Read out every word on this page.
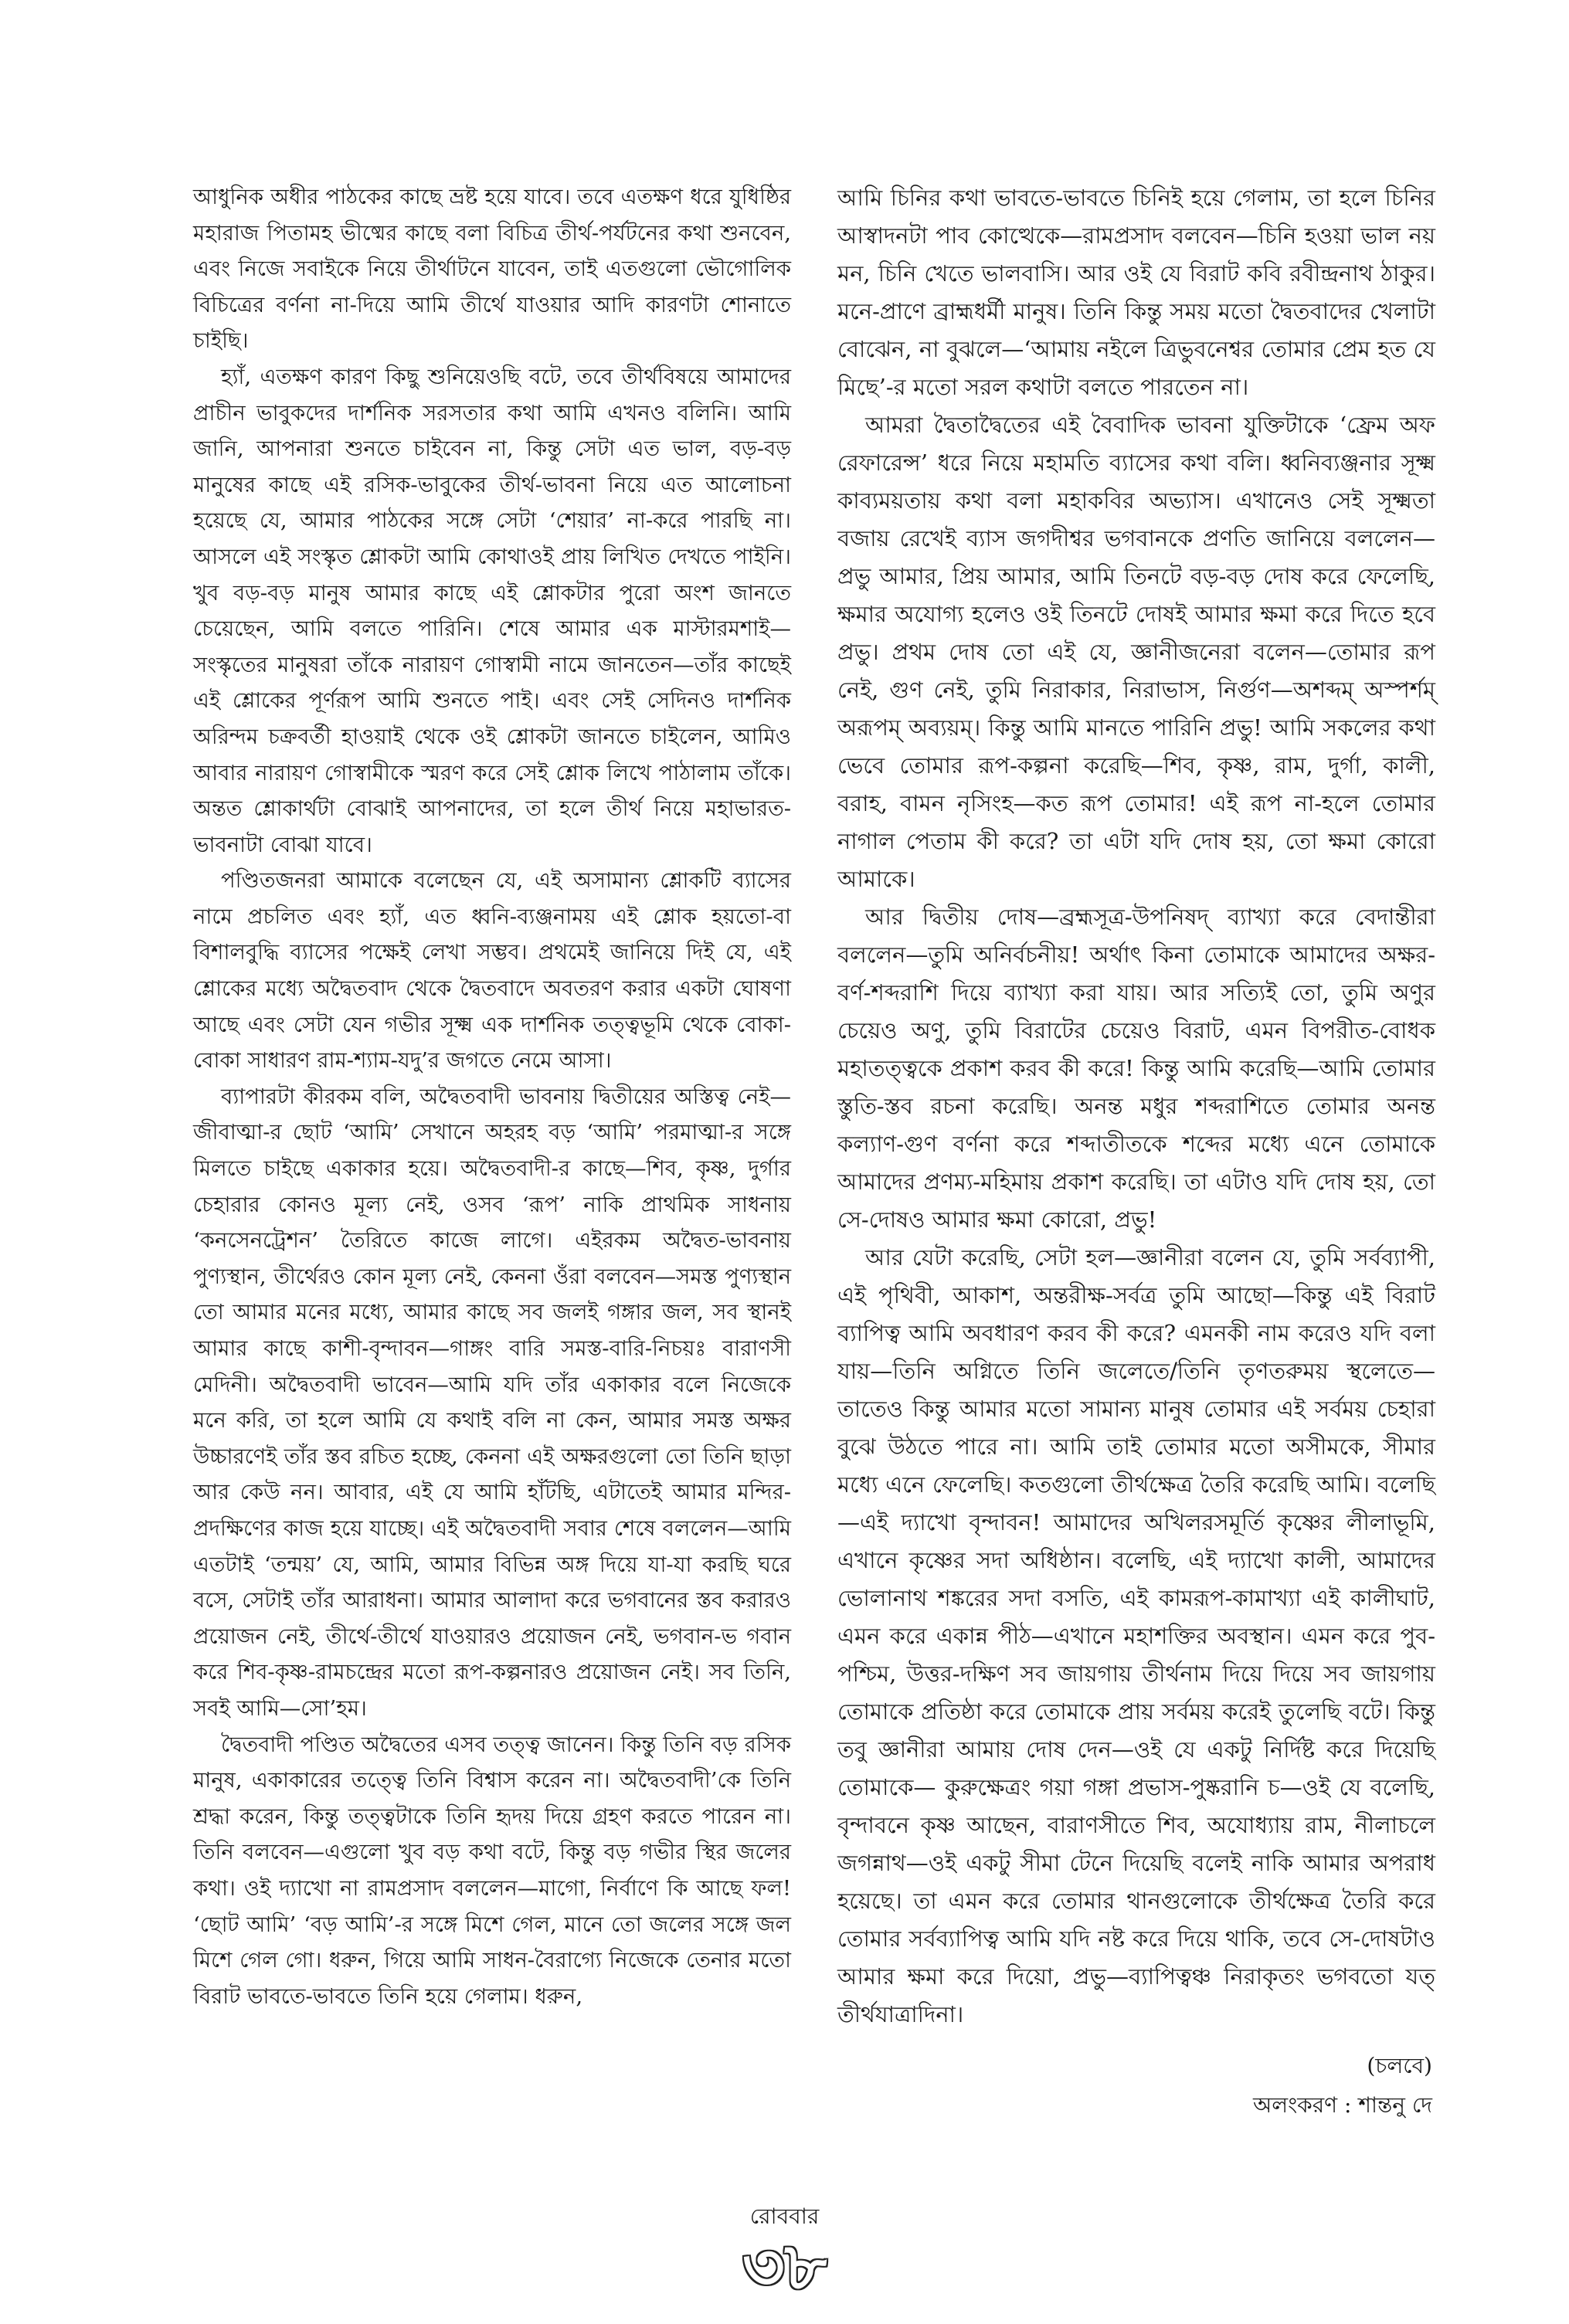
আধুনিক অধীর পাঠকের কাছে ভ্রষ্ট হয়ে যাবে। তবে এতক্ষণ ধরে যুধিষ্ঠির মহারাজ পিতামহ ভীষ্মের কাছে বলা বিচিত্র তীর্থ-পর্যটনের কথা শুনবেন, এবং নিজে সবাইকে নিয়ে তীর্থাটনে যাবেন, তাই এতগুলো ভৌগোলিক বিচিত্রের বর্ণনা না-দিয়ে আমি তীর্থে যাওয়ার আদি কারণটা শোনাতে চাইছি।

হ্যাঁ, এতক্ষণ কারণ কিছু শুনিয়েওছি বটে, তবে তীর্থবিষয়ে আমাদের প্রাচীন ভাবুকদের দার্শনিক সরসতার কথা আমি এখনও বলিনি। আমি জানি, আপনারা শুনতে চাইবেন না, কিন্তু সেটা এত ভাল, বড়-বড় মানুষের কাছে এই রসিক-ভাবুকের তীর্থ-ভাবনা নিয়ে এত আলোচনা হয়েছে যে, আমার পাঠকের সঙ্গে সেটা ‘শেয়ার’ না-করে পারছি না। আসলে এই সংস্কৃত শ্লোকটা আমি কোথাওই প্রায় লিখিত দেখতে পাইনি। খুব বড়-বড় মানুষ আমার কাছে এই শ্লোকটার পুরো অংশ জানতে চেয়েছেন, আমি বলতে পারিনি। শেষে আমার এক মাস্টারমশাই—সংস্কৃতের মানুষরা তাঁকে নারায়ণ গোস্বামী নামে জানতেন—তাঁর কাছেই এই শ্লোকের পূর্ণরূপ আমি শুনতে পাই। এবং সেই সেদিনও দার্শনিক অরিন্দম চক্রবর্তী হাওয়াই থেকে ওই শ্লোকটা জানতে চাইলেন, আমিও আবার নারায়ণ গোস্বামীকে স্মরণ করে সেই শ্লোক লিখে পাঠালাম তাঁকে। অন্তত শ্লোকার্থটা বোঝাই আপনাদের, তা হলে তীর্থ নিয়ে মহাভারত-ভাবনাটা বোঝা যাবে।

পণ্ডিতজনরা আমাকে বলেছেন যে, এই অসামান্য শ্লোকটি ব্যাসের নামে প্রচলিত এবং হ্যাঁ, এত ধ্বনি-ব্যঞ্জনাময় এই শ্লোক হয়তো-বা বিশালবুদ্ধি ব্যাসের পক্ষেই লেখা সম্ভব। প্রথমেই জানিয়ে দিই যে, এই শ্লোকের মধ্যে অদ্বৈতবাদ থেকে দ্বৈতবাদে অবতরণ করার একটা ঘোষণা আছে এবং সেটা যেন গভীর সূক্ষ্ম এক দার্শনিক তত্ত্বভূমি থেকে বোকা-বোকা সাধারণ রাম-শ্যাম-যদু’র জগতে নেমে আসা।

ব্যাপারটা কীরকম বলি, অদ্বৈতবাদী ভাবনায় দ্বিতীয়ের অস্তিত্ব নেই—জীবাত্মা-র ছোট ‘আমি’ সেখানে অহরহ বড় ‘আমি’ পরমাত্মা-র সঙ্গে মিলতে চাইছে একাকার হয়ে। অদ্বৈতবাদী-র কাছে—শিব, কৃষ্ণ, দুর্গার চেহারার কোনও মূল্য নেই, ওসব ‘রূপ’ নাকি প্রাথমিক সাধনায় ‘কনসেনট্রেশন’ তৈরিতে কাজে লাগে। এইরকম অদ্বৈত-ভাবনায় পুণ্যস্থান, তীর্থেরও কোন মূল্য নেই, কেননা ওঁরা বলবেন—সমস্ত পুণ্যস্থান তো আমার মনের মধ্যে, আমার কাছে সব জলই গঙ্গার জল, সব স্থানই আমার কাছে কাশী-বৃন্দাবন—গাঙ্গং বারি সমস্ত-বারি-নিচয়ঃ বারাণসী মেদিনী। অদ্বৈতবাদী ভাবেন—আমি যদি তাঁর একাকার বলে নিজেকে মনে করি, তা হলে আমি যে কথাই বলি না কেন, আমার সমস্ত অক্ষর উচ্চারণেই তাঁর স্তব রচিত হচ্ছে, কেননা এই অক্ষরগুলো তো তিনি ছাড়া আর কেউ নন। আবার, এই যে আমি হাঁটছি, এটাতেই আমার মন্দির-প্রদক্ষিণের কাজ হয়ে যাচ্ছে। এই অদ্বৈতবাদী সবার শেষে বললেন—আমি এতটাই ‘তন্ময়’ যে, আমি, আমার বিভিন্ন অঙ্গ দিয়ে যা-যা করছি ঘরে বসে, সেটাই তাঁর আরাধনা। আমার আলাদা করে ভগবানের স্তব করারও প্রয়োজন নেই, তীর্থে-তীর্থে যাওয়ারও প্রয়োজন নেই, ভগবান-ভ গবান করে শিব-কৃষ্ণ-রামচন্দ্রের মতো রূপ-কল্পনারও প্রয়োজন নেই। সব তিনি, সবই আমি—সো’হম।

দ্বৈতবাদী পণ্ডিত অদ্বৈতের এসব তত্ত্ব জানেন। কিন্তু তিনি বড় রসিক মানুষ, একাকারের তত্ত্বে তিনি বিশ্বাস করেন না। অদ্বৈতবাদী’কে তিনি শ্রদ্ধা করেন, কিন্তু তত্ত্বটাকে তিনি হৃদয় দিয়ে গ্রহণ করতে পারেন না। তিনি বলবেন—এগুলো খুব বড় কথা বটে, কিন্তু বড় গভীর স্থির জলের কথা। ওই দ্যাখো না রামপ্রসাদ বললেন—মাগো, নির্বাণে কি আছে ফল! ‘ছোট আমি’ ‘বড় আমি’-র সঙ্গে মিশে গেল, মানে তো জলের সঙ্গে জল মিশে গেল গো। ধরুন, গিয়ে আমি সাধন-বৈরাগ্যে নিজেকে তেনার মতো বিরাট ভাবতে-ভাবতে তিনি হয়ে গেলাম। ধরুন,

আমি চিনির কথা ভাবতে-ভাবতে চিনিই হয়ে গেলাম, তা হলে চিনির আস্বাদনটা পাব কোত্থেকে—রামপ্রসাদ বলবেন—চিনি হওয়া ভাল নয় মন, চিনি খেতে ভালবাসি। আর ওই যে বিরাট কবি রবীন্দ্রনাথ ঠাকুর। মনে-প্রাণে ব্রাহ্মধর্মী মানুষ। তিনি কিন্তু সময় মতো দ্বৈতবাদের খেলাটা বোঝেন, না বুঝলে—‘আমায় নইলে ত্রিভুবনেশ্বর তোমার প্রেম হত যে মিছে’-র মতো সরল কথাটা বলতে পারতেন না।

আমরা দ্বৈতাদ্বৈতের এই বৈবাদিক ভাবনা যুক্তিটাকে ‘ফ্রেম অফ রেফারেন্স’ ধরে নিয়ে মহামতি ব্যাসের কথা বলি। ধ্বনিব্যঞ্জনার সূক্ষ্ম কাব্যময়তায় কথা বলা মহাকবির অভ্যাস। এখানেও সেই সূক্ষ্মতা বজায় রেখেই ব্যাস জগদীশ্বর ভগবানকে প্রণতি জানিয়ে বললেন—প্রভু আমার, প্রিয় আমার, আমি তিনটে বড়-বড় দোষ করে ফেলেছি, ক্ষমার অযোগ্য হলেও ওই তিনটে দোষই আমার ক্ষমা করে দিতে হবে প্রভু। প্রথম দোষ তো এই যে, জ্ঞানীজনেরা বলেন—তোমার রূপ নেই, গুণ নেই, তুমি নিরাকার, নিরাভাস, নির্গুণ—অশব্দম্‌ অস্পর্শম্‌ অরূপম্‌ অব্যয়ম্‌। কিন্তু আমি মানতে পারিনি প্রভু! আমি সকলের কথা ভেবে তোমার রূপ-কল্পনা করেছি—শিব, কৃষ্ণ, রাম, দুর্গা, কালী, বরাহ, বামন নৃসিংহ—কত রূপ তোমার! এই রূপ না-হলে তোমার নাগাল পেতাম কী করে? তা এটা যদি দোষ হয়, তো ক্ষমা কোরো আমাকে।

আর দ্বিতীয় দোষ—ব্রহ্মসূত্র-উপনিষদ্‌ ব্যাখ্যা করে বেদান্তীরা বললেন—তুমি অনির্বচনীয়! অর্থাৎ কিনা তোমাকে আমাদের অক্ষর-বর্ণ-শব্দরাশি দিয়ে ব্যাখ্যা করা যায়। আর সত্যিই তো, তুমি অণুর চেয়েও অণু, তুমি বিরাটের চেয়েও বিরাট, এমন বিপরীত-বোধক মহাতত্ত্বকে প্রকাশ করব কী করে! কিন্তু আমি করেছি—আমি তোমার স্তুতি-স্তব রচনা করেছি। অনন্ত মধুর শব্দরাশিতে তোমার অনন্ত কল্যাণ-গুণ বর্ণনা করে শব্দাতীতকে শব্দের মধ্যে এনে তোমাকে আমাদের প্রণম্য-মহিমায় প্রকাশ করেছি। তা এটাও যদি দোষ হয়, তো সে-দোষও আমার ক্ষমা কোরো, প্রভু!

আর যেটা করেছি, সেটা হল—জ্ঞানীরা বলেন যে, তুমি সর্বব্যাপী, এই পৃথিবী, আকাশ, অন্তরীক্ষ-সর্বত্র তুমি আছো—কিন্তু এই বিরাট ব্যাপিত্ব আমি অবধারণ করব কী করে? এমনকী নাম করেও যদি বলা যায়—তিনি অগ্নিতে তিনি জলেতে/তিনি তৃণতরুময় স্থলেতে—তাতেও কিন্তু আমার মতো সামান্য মানুষ তোমার এই সর্বময় চেহারা বুঝে উঠতে পারে না। আমি তাই তোমার মতো অসীমকে, সীমার মধ্যে এনে ফেলেছি। কতগুলো তীর্থক্ষেত্র তৈরি করেছি আমি। বলেছি—এই দ্যাখো বৃন্দাবন! আমাদের অখিলরসমূর্তি কৃষ্ণের লীলাভূমি, এখানে কৃষ্ণের সদা অধিষ্ঠান। বলেছি, এই দ্যাখো কালী, আমাদের ভোলানাথ শঙ্করের সদা বসতি, এই কামরূপ-কামাখ্যা এই কালীঘাট, এমন করে একান্ন পীঠ—এখানে মহাশক্তির অবস্থান। এমন করে পুব-পশ্চিম, উত্তর-দক্ষিণ সব জায়গায় তীর্থনাম দিয়ে দিয়ে সব জায়গায় তোমাকে প্রতিষ্ঠা করে তোমাকে প্রায় সর্বময় করেই তুলেছি বটে। কিন্তু তবু জ্ঞানীরা আমায় দোষ দেন—ওই যে একটু নির্দিষ্ট করে দিয়েছি তোমাকে— কুরুক্ষেত্রং গয়া গঙ্গা প্রভাস-পুষ্করানি চ—ওই যে বলেছি, বৃন্দাবনে কৃষ্ণ আছেন, বারাণসীতে শিব, অযোধ্যায় রাম, নীলাচলে জগন্নাথ—ওই একটু সীমা টেনে দিয়েছি বলেই নাকি আমার অপরাধ হয়েছে। তা এমন করে তোমার থানগুলোকে তীর্থক্ষেত্র তৈরি করে তোমার সর্বব্যাপিত্ব আমি যদি নষ্ট করে দিয়ে থাকি, তবে সে-দোষটাও আমার ক্ষমা করে দিয়ো, প্রভু—ব্যাপিত্বঞ্চ নিরাকৃতং ভগবতো যত্‌ তীর্থযাত্রাদিনা।

(চলবে)
অলংকরণ : শান্তনু দে
রোববার
৩৮
